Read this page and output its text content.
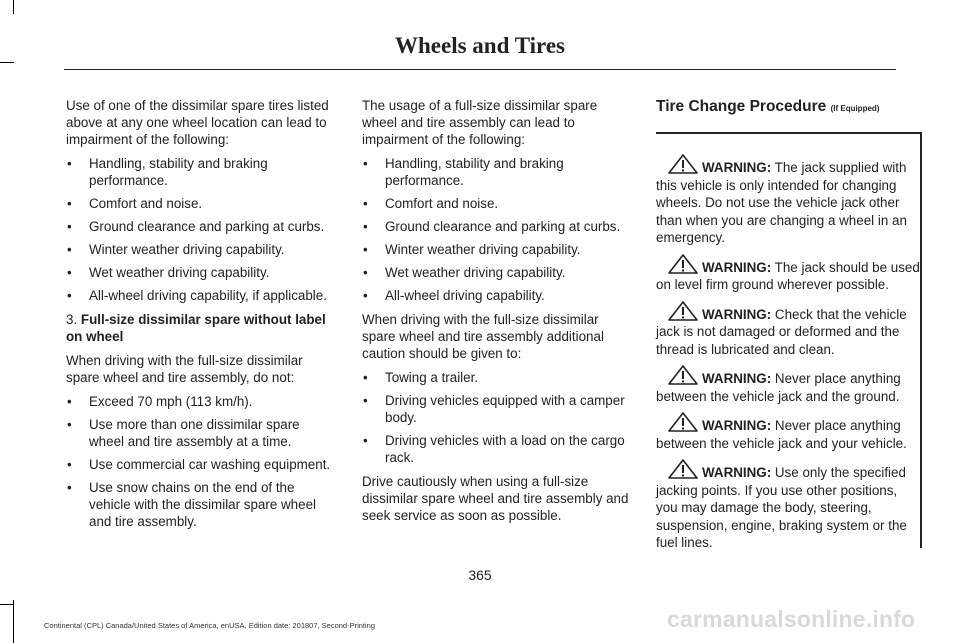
Wheels and Tires

Use of one of the dissimilar spare tires listed above at any one wheel location can lead to impairment of the following:

• Handling, stability and braking performance.
• Comfort and noise.
• Ground clearance and parking at curbs.
• Winter weather driving capability.
• Wet weather driving capability.
• All-wheel driving capability, if applicable.

3. Full-size dissimilar spare without label on wheel

When driving with the full-size dissimilar spare wheel and tire assembly, do not:

• Exceed 70 mph (113 km/h).
• Use more than one dissimilar spare wheel and tire assembly at a time.
• Use commercial car washing equipment.
• Use snow chains on the end of the vehicle with the dissimilar spare wheel and tire assembly.

The usage of a full-size dissimilar spare wheel and tire assembly can lead to impairment of the following:

• Handling, stability and braking performance.
• Comfort and noise.
• Ground clearance and parking at curbs.
• Winter weather driving capability.
• Wet weather driving capability.
• All-wheel driving capability.

When driving with the full-size dissimilar spare wheel and tire assembly additional caution should be given to:

• Towing a trailer.
• Driving vehicles equipped with a camper body.
• Driving vehicles with a load on the cargo rack.

Drive cautiously when using a full-size dissimilar spare wheel and tire assembly and seek service as soon as possible.

Tire Change Procedure (If Equipped)

WARNING: The jack supplied with this vehicle is only intended for changing wheels. Do not use the vehicle jack other than when you are changing a wheel in an emergency.

WARNING: The jack should be used on level firm ground wherever possible.

WARNING: Check that the vehicle jack is not damaged or deformed and the thread is lubricated and clean.

WARNING: Never place anything between the vehicle jack and the ground.

WARNING: Never place anything between the vehicle jack and your vehicle.

WARNING: Use only the specified jacking points. If you use other positions, you may damage the body, steering, suspension, engine, braking system or the fuel lines.

365
Continental (CPL) Canada/United States of America, enUSA, Edition date: 201807, Second-Printing	carmanualsonline.info
